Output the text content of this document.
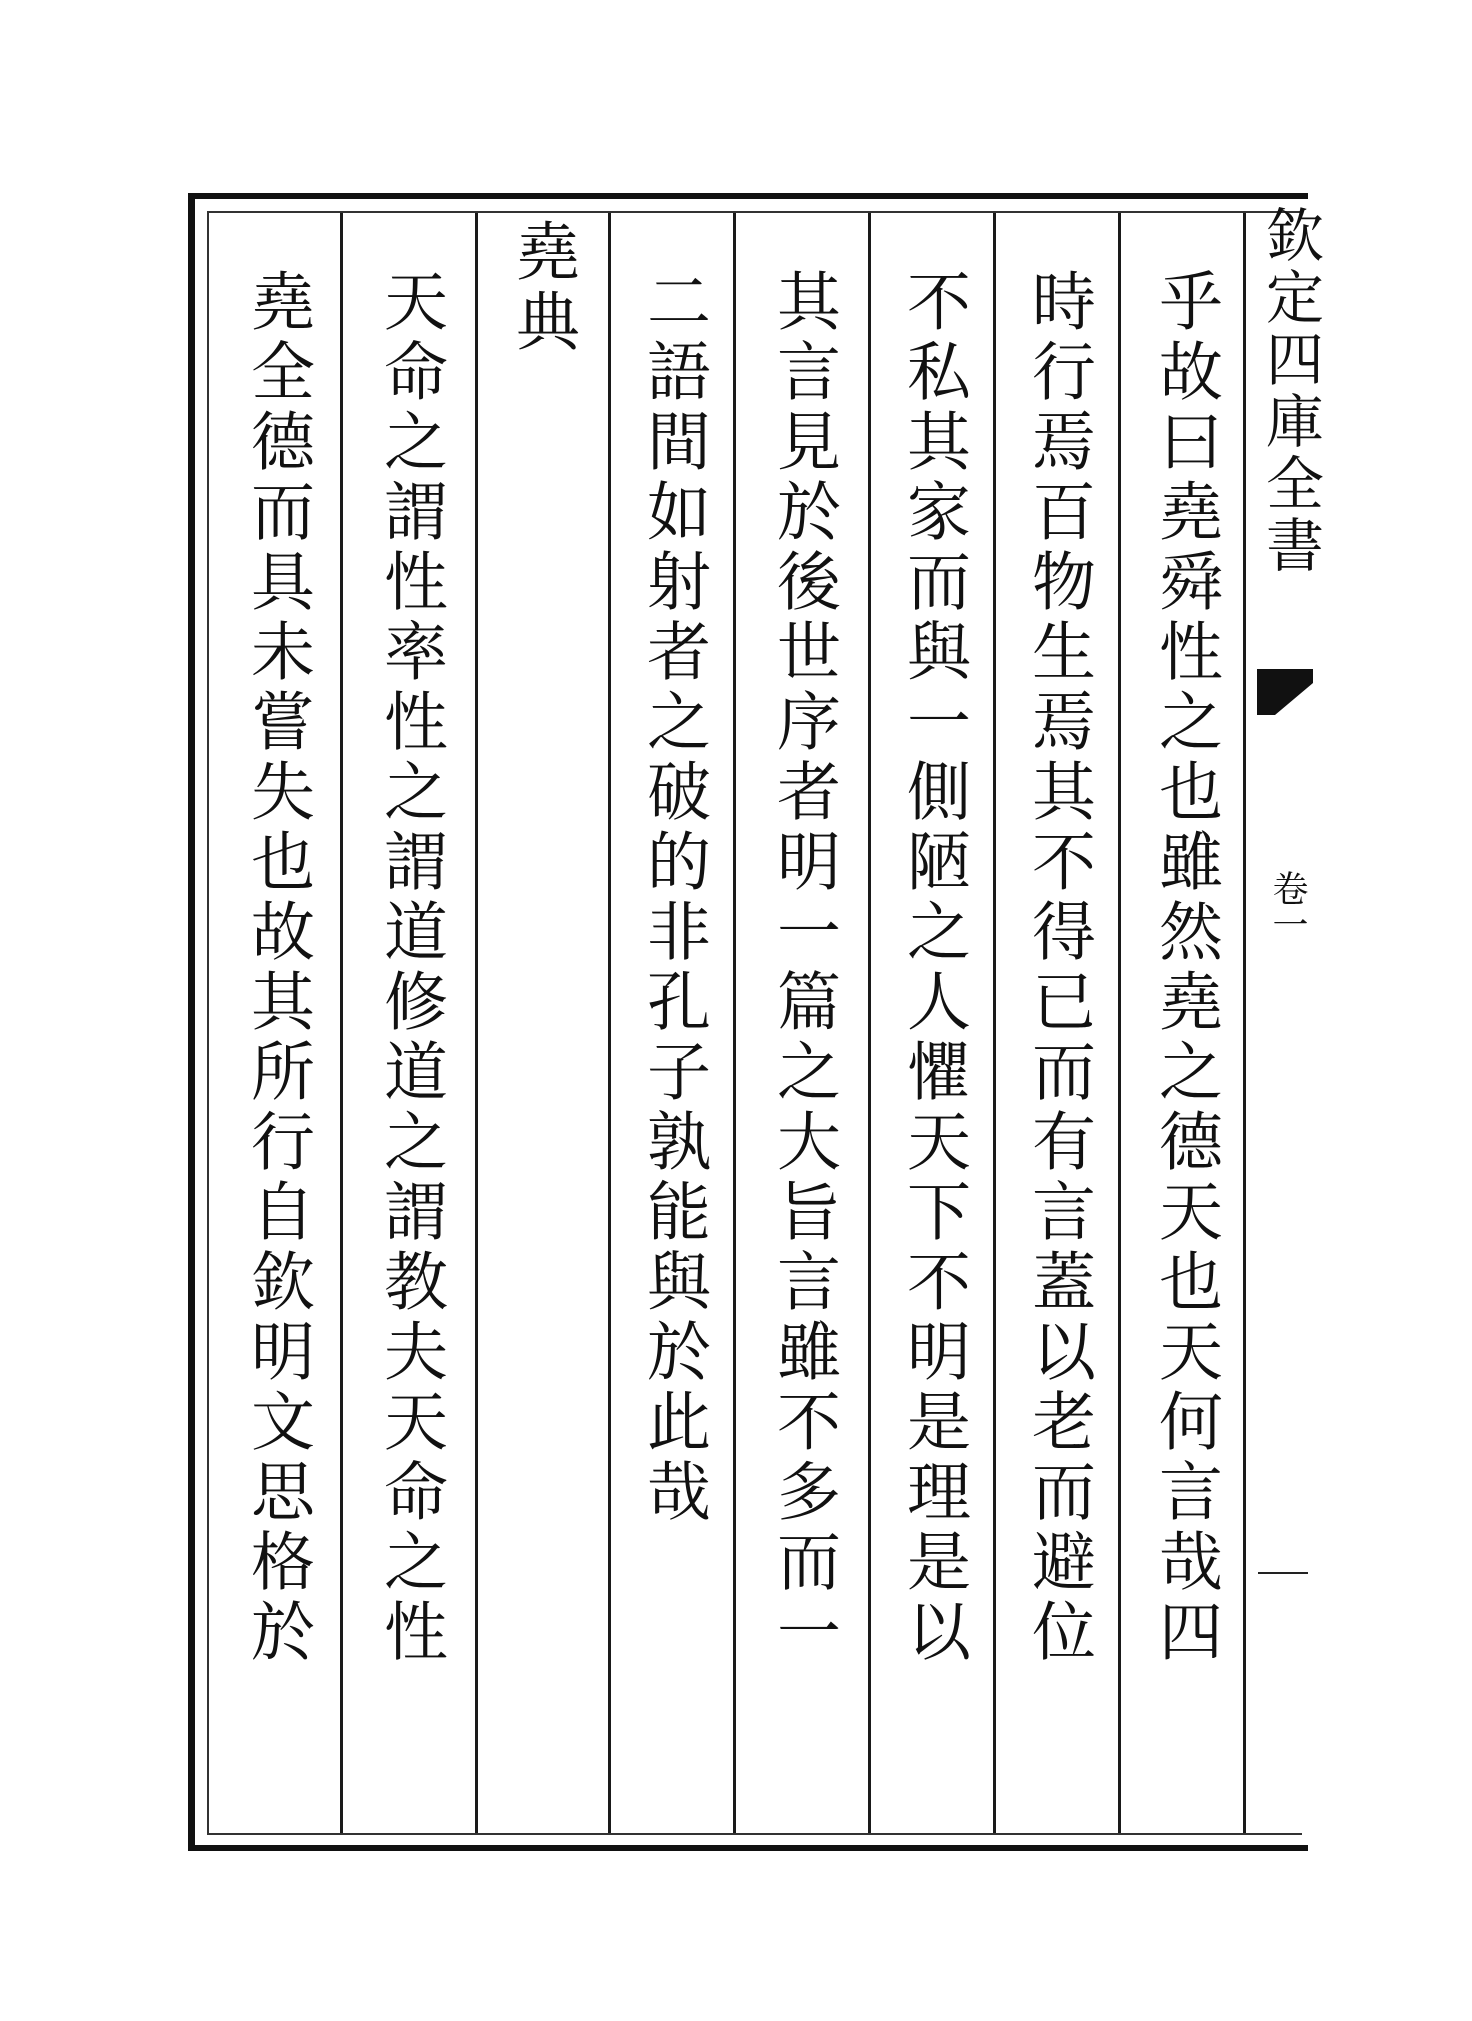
乎故曰堯舜性之也雖然堯之德天也天何言哉四
時行焉百物生焉其不得已而有言蓋以老而避位
不私其家而與一側陋之人懼天下不明是理是以
其言見於後世序者明一篇之大旨言雖不多而一
二語間如射者之破的非孔子孰能與於此哉
堯典
天命之謂性率性之謂道修道之謂教夫天命之性
堯全德而具未嘗失也故其所行自欽明文思格於	欽定四庫全書
卷一
